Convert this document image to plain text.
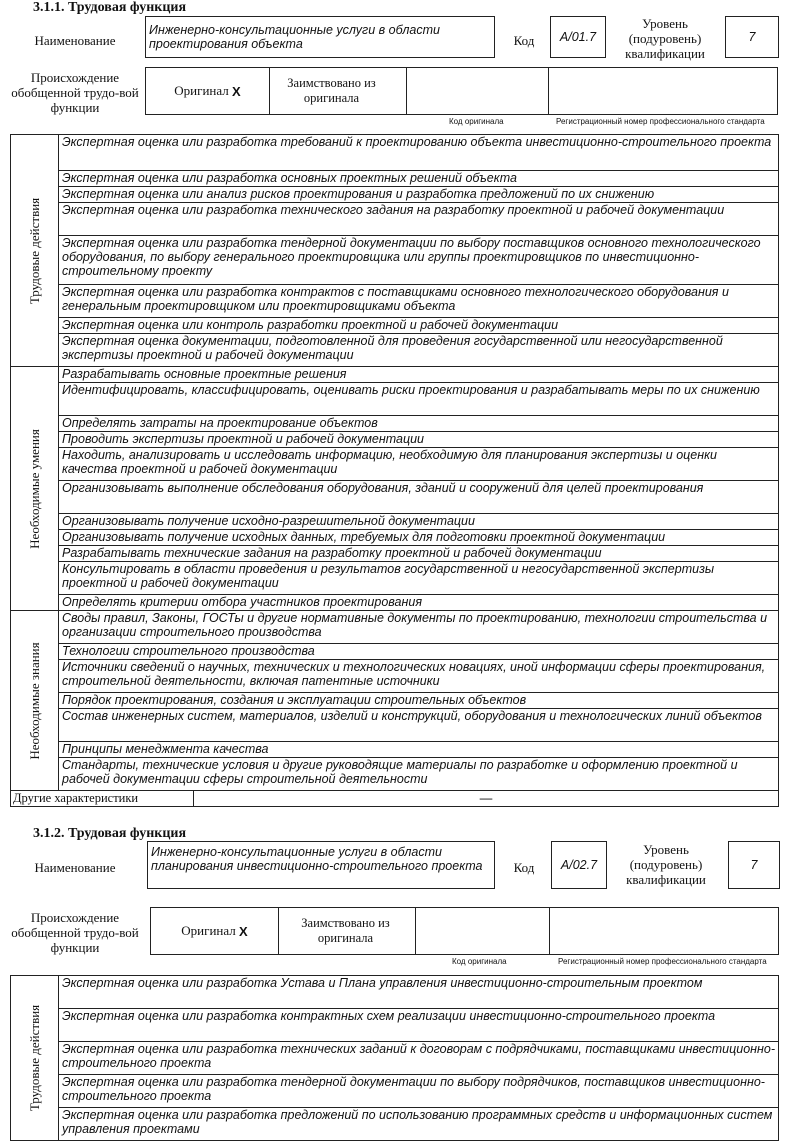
3.1.1. Трудовая функция
Наименование
Инженерно-консультационные услуги в области проектирования объекта	Код	A/01.7
Уровень (подуровень) квалификации
7
Происхождение обобщенной трудо-вой функции
Оригинал
X
Заимствовано из оригинала
Код оригинала	Регистрационный номер профессионального стандарта
Трудовые действия	Экспертная оценка или разработка требований к проектированию объекта инвестиционно-строительного проекта	
	Экспертная оценка или разработка основных проектных решений объекта	
	Экспертная оценка или анализ рисков проектирования и разработка предложений по их снижению	
	Экспертная оценка или разработка технического задания на разработку проектной и рабочей документации	
	Экспертная оценка или разработка тендерной документации по выбору поставщиков основного технологического оборудования, по выбору генерального проектировщика или группы проектировщиков по инвестиционно-строительному проекту	
	Экспертная оценка или разработка контрактов с поставщиками основного технологического оборудования и генеральным проектировщиком или проектировщиками объекта	
	Экспертная оценка или контроль разработки проектной и рабочей документации	
	Экспертная оценка документации, подготовленной для проведения государственной или негосударственной экспертизы проектной и рабочей документации	

Необходимые умения	Разрабатывать основные проектные решения	
	Идентифицировать, классифицировать, оценивать риски проектирования и разрабатывать меры по их снижению	
	Определять затраты на проектирование объектов	
	Проводить экспертизы проектной и рабочей документации	
	Находить, анализировать и исследовать информацию, необходимую для планирования экспертизы и оценки качества проектной и рабочей документации	
	Организовывать выполнение обследования оборудования, зданий и сооружений для целей проектирования	
	Организовывать получение исходно-разрешительной документации	
	Организовывать получение исходных данных, требуемых для подготовки проектной документации	
	Разрабатывать технические задания на разработку проектной и рабочей документации	
	Консультировать в области проведения и результатов государственной и негосударственной экспертизы проектной и рабочей документации	
	Определять критерии отбора участников проектирования	

Необходимые знания	Своды правил, Законы, ГОСТы и другие нормативные документы по проектированию, технологии строительства и организации строительного производства	
	Технологии строительного производства	
	Источники сведений о научных, технических и технологических новациях, иной информации сферы проектирования, строительной деятельности, включая патентные источники	
	Порядок проектирования, создания и эксплуатации строительных объектов	
	Состав инженерных систем, материалов, изделий и конструкций, оборудования и технологических линий объектов	
	Принципы менеджмента качества	
	Стандарты, технические условия и другие руководящие материалы по разработке и оформлению проектной и рабочей документации сферы строительной деятельности	
Другие характеристики		—
3.1.2. Трудовая функция
Наименование
Инженерно-консультационные услуги в области планирования инвестиционно-строительного проекта	Код	A/02.7
Уровень (подуровень) квалификации
7
Происхождение обобщенной трудо-вой функции
Оригинал
X
Заимствовано из оригинала
Код оригинала	Регистрационный номер профессионального стандарта
Трудовые действия
	Экспертная оценка или разработка Устава и Плана управления инвестиционно-строительным проектом
Экспертная оценка или разработка контрактных схем реализации инвестиционно-строительного проекта
Экспертная оценка или разработка технических заданий к договорам с подрядчиками, поставщиками инвестиционно-строительного проекта
Экспертная оценка или разработка тендерной документации по выбору подрядчиков, поставщиков инвестиционно-строительного проекта
Экспертная оценка или разработка предложений по использованию программных средств и информационных систем управления проектами
